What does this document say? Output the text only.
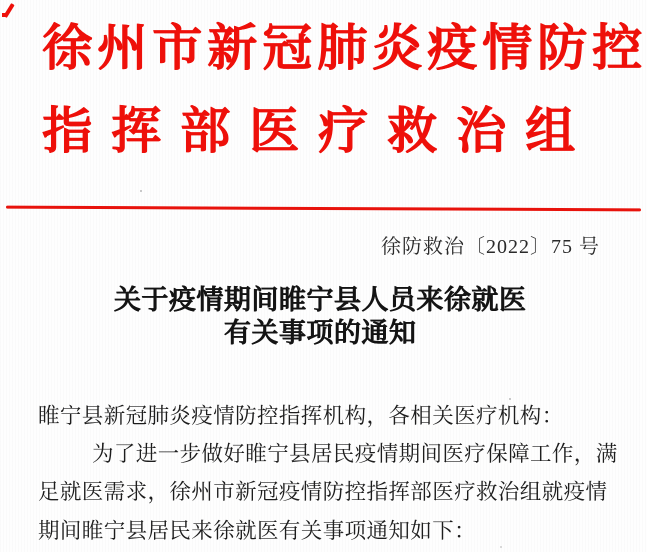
徐州市新冠肺炎疫情防控
指挥部医疗救治组
徐防救治〔2022〕75 号
关于疫情期间睢宁县人员来徐就医
有关事项的通知
睢宁县新冠肺炎疫情防控指挥机构，各相关医疗机构：
为了进一步做好睢宁县居民疫情期间医疗保障工作，满
足就医需求，徐州市新冠疫情防控指挥部医疗救治组就疫情
期间睢宁县居民来徐就医有关事项通知如下：
